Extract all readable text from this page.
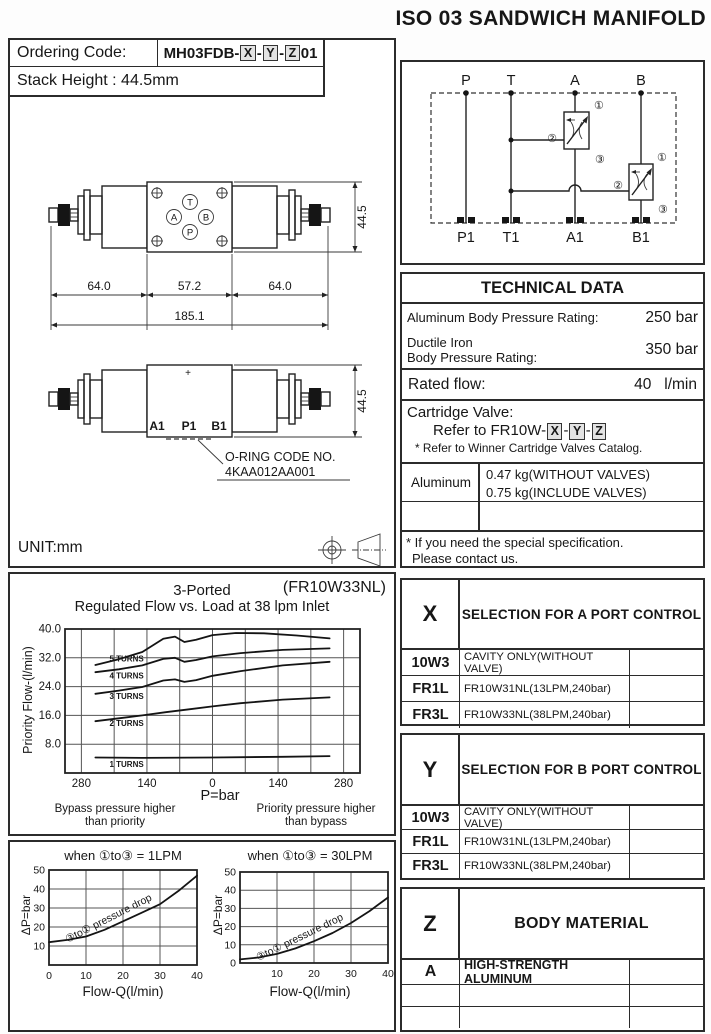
ISO 03 SANDWICH MANIFOLD
T
A	B
P
44.5
64.0	57.2	64.0
185.1
+
A1 P1 B1
O-RING CODE NO.
4KAA012AA001
44.5
UNIT:mm
Ordering Code:	MH03FDB- X - Y - Z 01
Stack Height : 44.5mm	P T	A	B
①
②
③	①
②
③
P1 T1	A1	B1
TECHNICAL DATA
Aluminum Body Pressure Rating:	250 bar
Ductile Iron
Body Pressure Rating:	350 bar
Rated flow:	40 l/min
Cartridge Valve:
Refer to FR10W- X - Y - Z
* Refer to Winner Cartridge Valves Catalog.
Aluminum
0.47 kg(WITHOUT VALVES)
0.75 kg(INCLUDE VALVES)
* If you need the special specification.
Please contact us.
3-Ported	(FR10W33NL)
Regulated Flow vs. Load at 38 lpm Inlet
280	140	0	140	280
8.0
16.0
24.0
32.0
40.0
5 TURNS
4 TURNS
3 TURNS
2 TURNS
1 TURNS
Priority Flow-(l/min)
P=bar
Bypass pressure higher than priority
Priority pressure higher than bypass
when ①to③ = 1LPM	when ①to③ = 30LPM
0	10 20 30 40
10
20
30
40
50
③to① pressure drop
10 20 30 40
0
10
20
30
40
50
③to① pressure drop
ΔP=bar	ΔP=bar
Flow-Q(l/min)	Flow-Q(l/min)
X	SELECTION FOR A PORT CONTROL
10W3	CAVITY ONLY(WITHOUT VALVE)
FR1L	FR10W31NL(13LPM,240bar)
FR3L	FR10W33NL(38LPM,240bar)
Y	SELECTION FOR B PORT CONTROL
10W3	CAVITY ONLY(WITHOUT VALVE)
FR1L	FR10W31NL(13LPM,240bar)
FR3L	FR10W33NL(38LPM,240bar)
Z	BODY MATERIAL
A	HIGH-STRENGTH ALUMINUM
